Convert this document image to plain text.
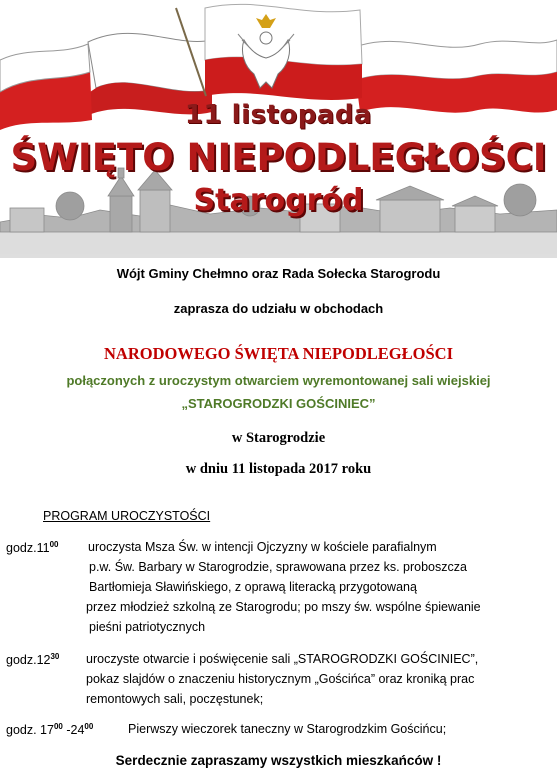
11 listopada
ŚWIĘTO NIEPODLEGŁOŚCI
Starogród
Wójt Gminy Chełmno oraz Rada Sołecka Starogrodu
zaprasza do udziału w obchodach
NARODOWEGO ŚWIĘTA NIEPODLEGŁOŚCI
połączonych z uroczystym otwarciem wyremontowanej sali wiejskiej
„STAROGRODZKI GOŚCINIEC”
w Starogrodzie
w dniu 11 listopada 2017 roku
PROGRAM UROCZYSTOŚCI
$godz.11^{00}$ uroczysta Msza Św. w intencji Ojczyzny w kościele parafialnym
p.w. Św. Barbary w Starogrodzie, sprawowana przez ks. proboszcza
Bartłomieja Sławińskiego, z oprawą literacką przygotowaną
przez młodzież szkolną ze Starogrodu; po mszy św. wspólne śpiewanie
pieśni patriotycznych
$godz.12^{30}$ uroczyste otwarcie i poświęcenie sali „STAROGRODZKI GOŚCINIEC”,
pokaz slajdów o znaczeniu historycznym „Gościńca” oraz kroniką prac
remontowych sali, poczęstunek;
godz. $17^{00}$ $-24^{00}$	Pierwszy wieczorek taneczny w Starogrodzkim Gościńcu;
Serdecznie zapraszamy wszystkich mieszkańców !
